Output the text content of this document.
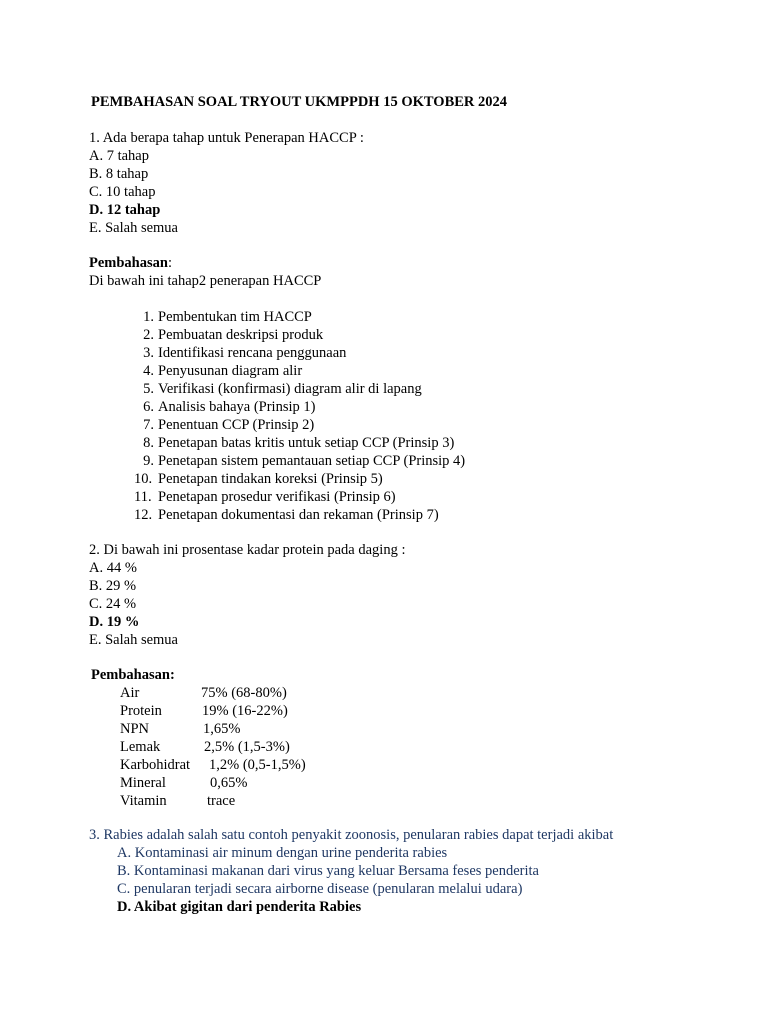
PEMBAHASAN SOAL TRYOUT UKMPPDH 15 OKTOBER 2024
1. Ada berapa tahap untuk Penerapan HACCP :
A. 7 tahap
B. 8 tahap
C. 10 tahap
D. 12 tahap
E. Salah semua
Pembahasan:
Di bawah ini tahap2 penerapan HACCP
1. Pembentukan tim HACCP
2. Pembuatan deskripsi produk
3. Identifikasi rencana penggunaan
4. Penyusunan diagram alir
5. Verifikasi (konfirmasi) diagram alir di lapang
6. Analisis bahaya (Prinsip 1)
7. Penentuan CCP (Prinsip 2)
8. Penetapan batas kritis untuk setiap CCP (Prinsip 3)
9. Penetapan sistem pemantauan setiap CCP (Prinsip 4)
10. Penetapan tindakan koreksi (Prinsip 5)
11. Penetapan prosedur verifikasi (Prinsip 6)
12. Penetapan dokumentasi dan rekaman (Prinsip 7)
2. Di bawah ini prosentase kadar protein pada daging :
A. 44 %
B. 29 %
C. 24 %
D. 19 %
E. Salah semua
Pembahasan:
Air	75% (68-80%)
Protein	19% (16-22%)
NPN	1,65%
Lemak	2,5% (1,5-3%)
Karbohidrat 1,2% (0,5-1,5%)
Mineral	0,65%
Vitamin	trace
3. Rabies adalah salah satu contoh penyakit zoonosis, penularan rabies dapat terjadi akibat
A. Kontaminasi air minum dengan urine penderita rabies
B. Kontaminasi makanan dari virus yang keluar Bersama feses penderita
C. penularan terjadi secara airborne disease (penularan melalui udara)
D. Akibat gigitan dari penderita Rabies
